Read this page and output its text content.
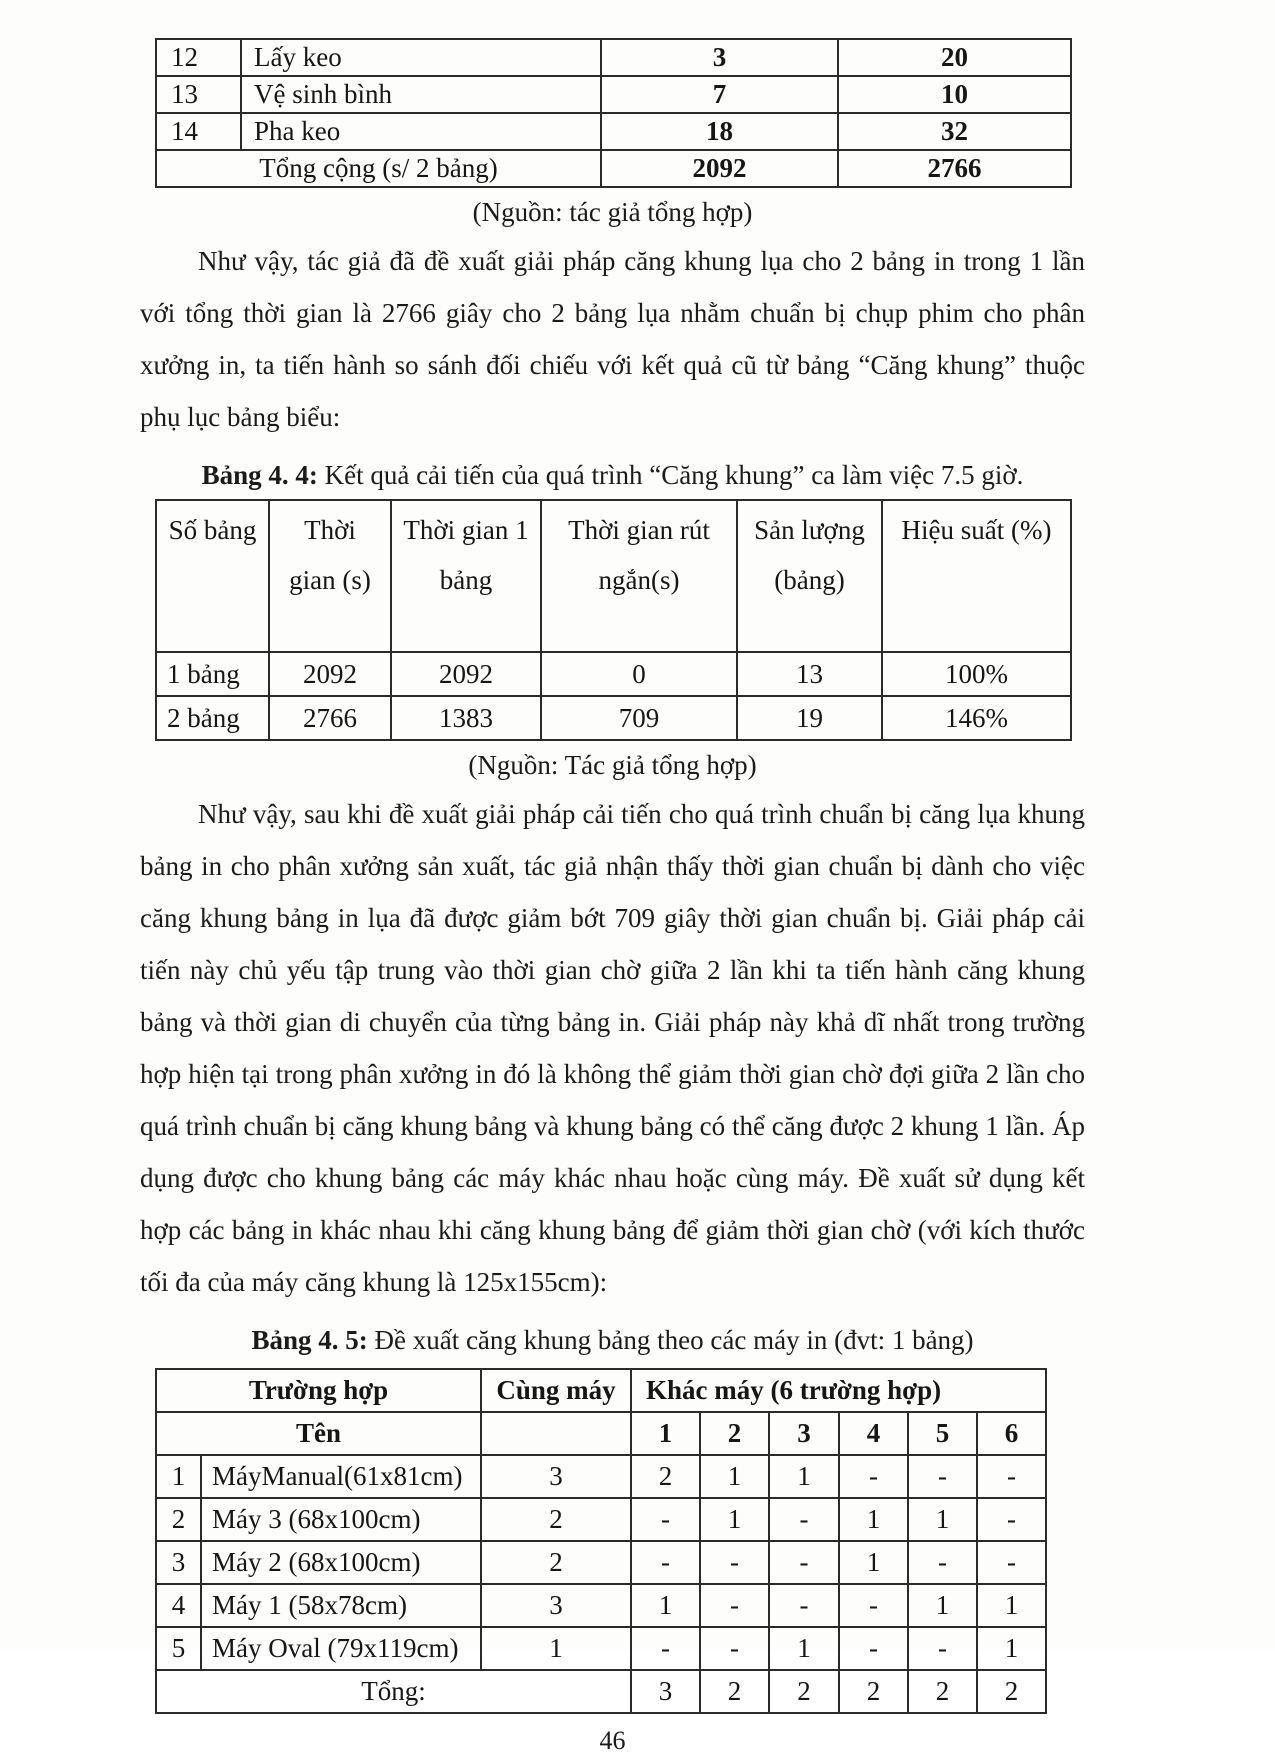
12	Lấy keo	3	20
13	Vệ sinh bình	7	10
14	Pha keo	18	32
Tổng cộng (s/ 2 bảng)		2092	2766
(Nguồn: tác giả tổng hợp)

Như vậy, tác giả đã đề xuất giải pháp căng khung lụa cho 2 bảng in trong 1 lần với tổng thời gian là 2766 giây cho 2 bảng lụa nhằm chuẩn bị chụp phim cho phân xưởng in, ta tiến hành so sánh đối chiếu với kết quả cũ từ bảng “Căng khung” thuộc phụ lục bảng biểu:

Bảng 4. 4: Kết quả cải tiến của quá trình “Căng khung” ca làm việc 7.5 giờ.
Số bảng	Thời gian (s)	Thời gian 1 bảng	Thời gian rút ngắn(s)	Sản lượng (bảng)	Hiệu suất (%)
1 bảng	2092	2092	0	13	100%
2 bảng	2766	1383	709	19	146%
(Nguồn: Tác giả tổng hợp)

Như vậy, sau khi đề xuất giải pháp cải tiến cho quá trình chuẩn bị căng lụa khung bảng in cho phân xưởng sản xuất, tác giả nhận thấy thời gian chuẩn bị dành cho việc căng khung bảng in lụa đã được giảm bớt 709 giây thời gian chuẩn bị. Giải pháp cải tiến này chủ yếu tập trung vào thời gian chờ giữa 2 lần khi ta tiến hành căng khung bảng và thời gian di chuyển của từng bảng in. Giải pháp này khả dĩ nhất trong trường hợp hiện tại trong phân xưởng in đó là không thể giảm thời gian chờ đợi giữa 2 lần cho quá trình chuẩn bị căng khung bảng và khung bảng có thể căng được 2 khung 1 lần. Áp dụng được cho khung bảng các máy khác nhau hoặc cùng máy. Đề xuất sử dụng kết hợp các bảng in khác nhau khi căng khung bảng để giảm thời gian chờ (với kích thước tối đa của máy căng khung là 125x155cm):

Bảng 4. 5: Đề xuất căng khung bảng theo các máy in (đvt: 1 bảng)
Trường hợp		Cùng máy	Khác máy (6 trường hợp)					
Tên			1	2	3	4	5	6
1	MáyManual(61x81cm)	3	2	1	1	-	-	-
2	Máy 3 (68x100cm)	2	-	1	-	1	1	-
3	Máy 2 (68x100cm)	2	-	-	-	1	-	-
4	Máy 1 (58x78cm)	3	1	-	-	-	1	1
5	Máy Oval (79x119cm)	1	-	-	1	-	-	1
Tổng:			3	2	2	2	2	2
46
